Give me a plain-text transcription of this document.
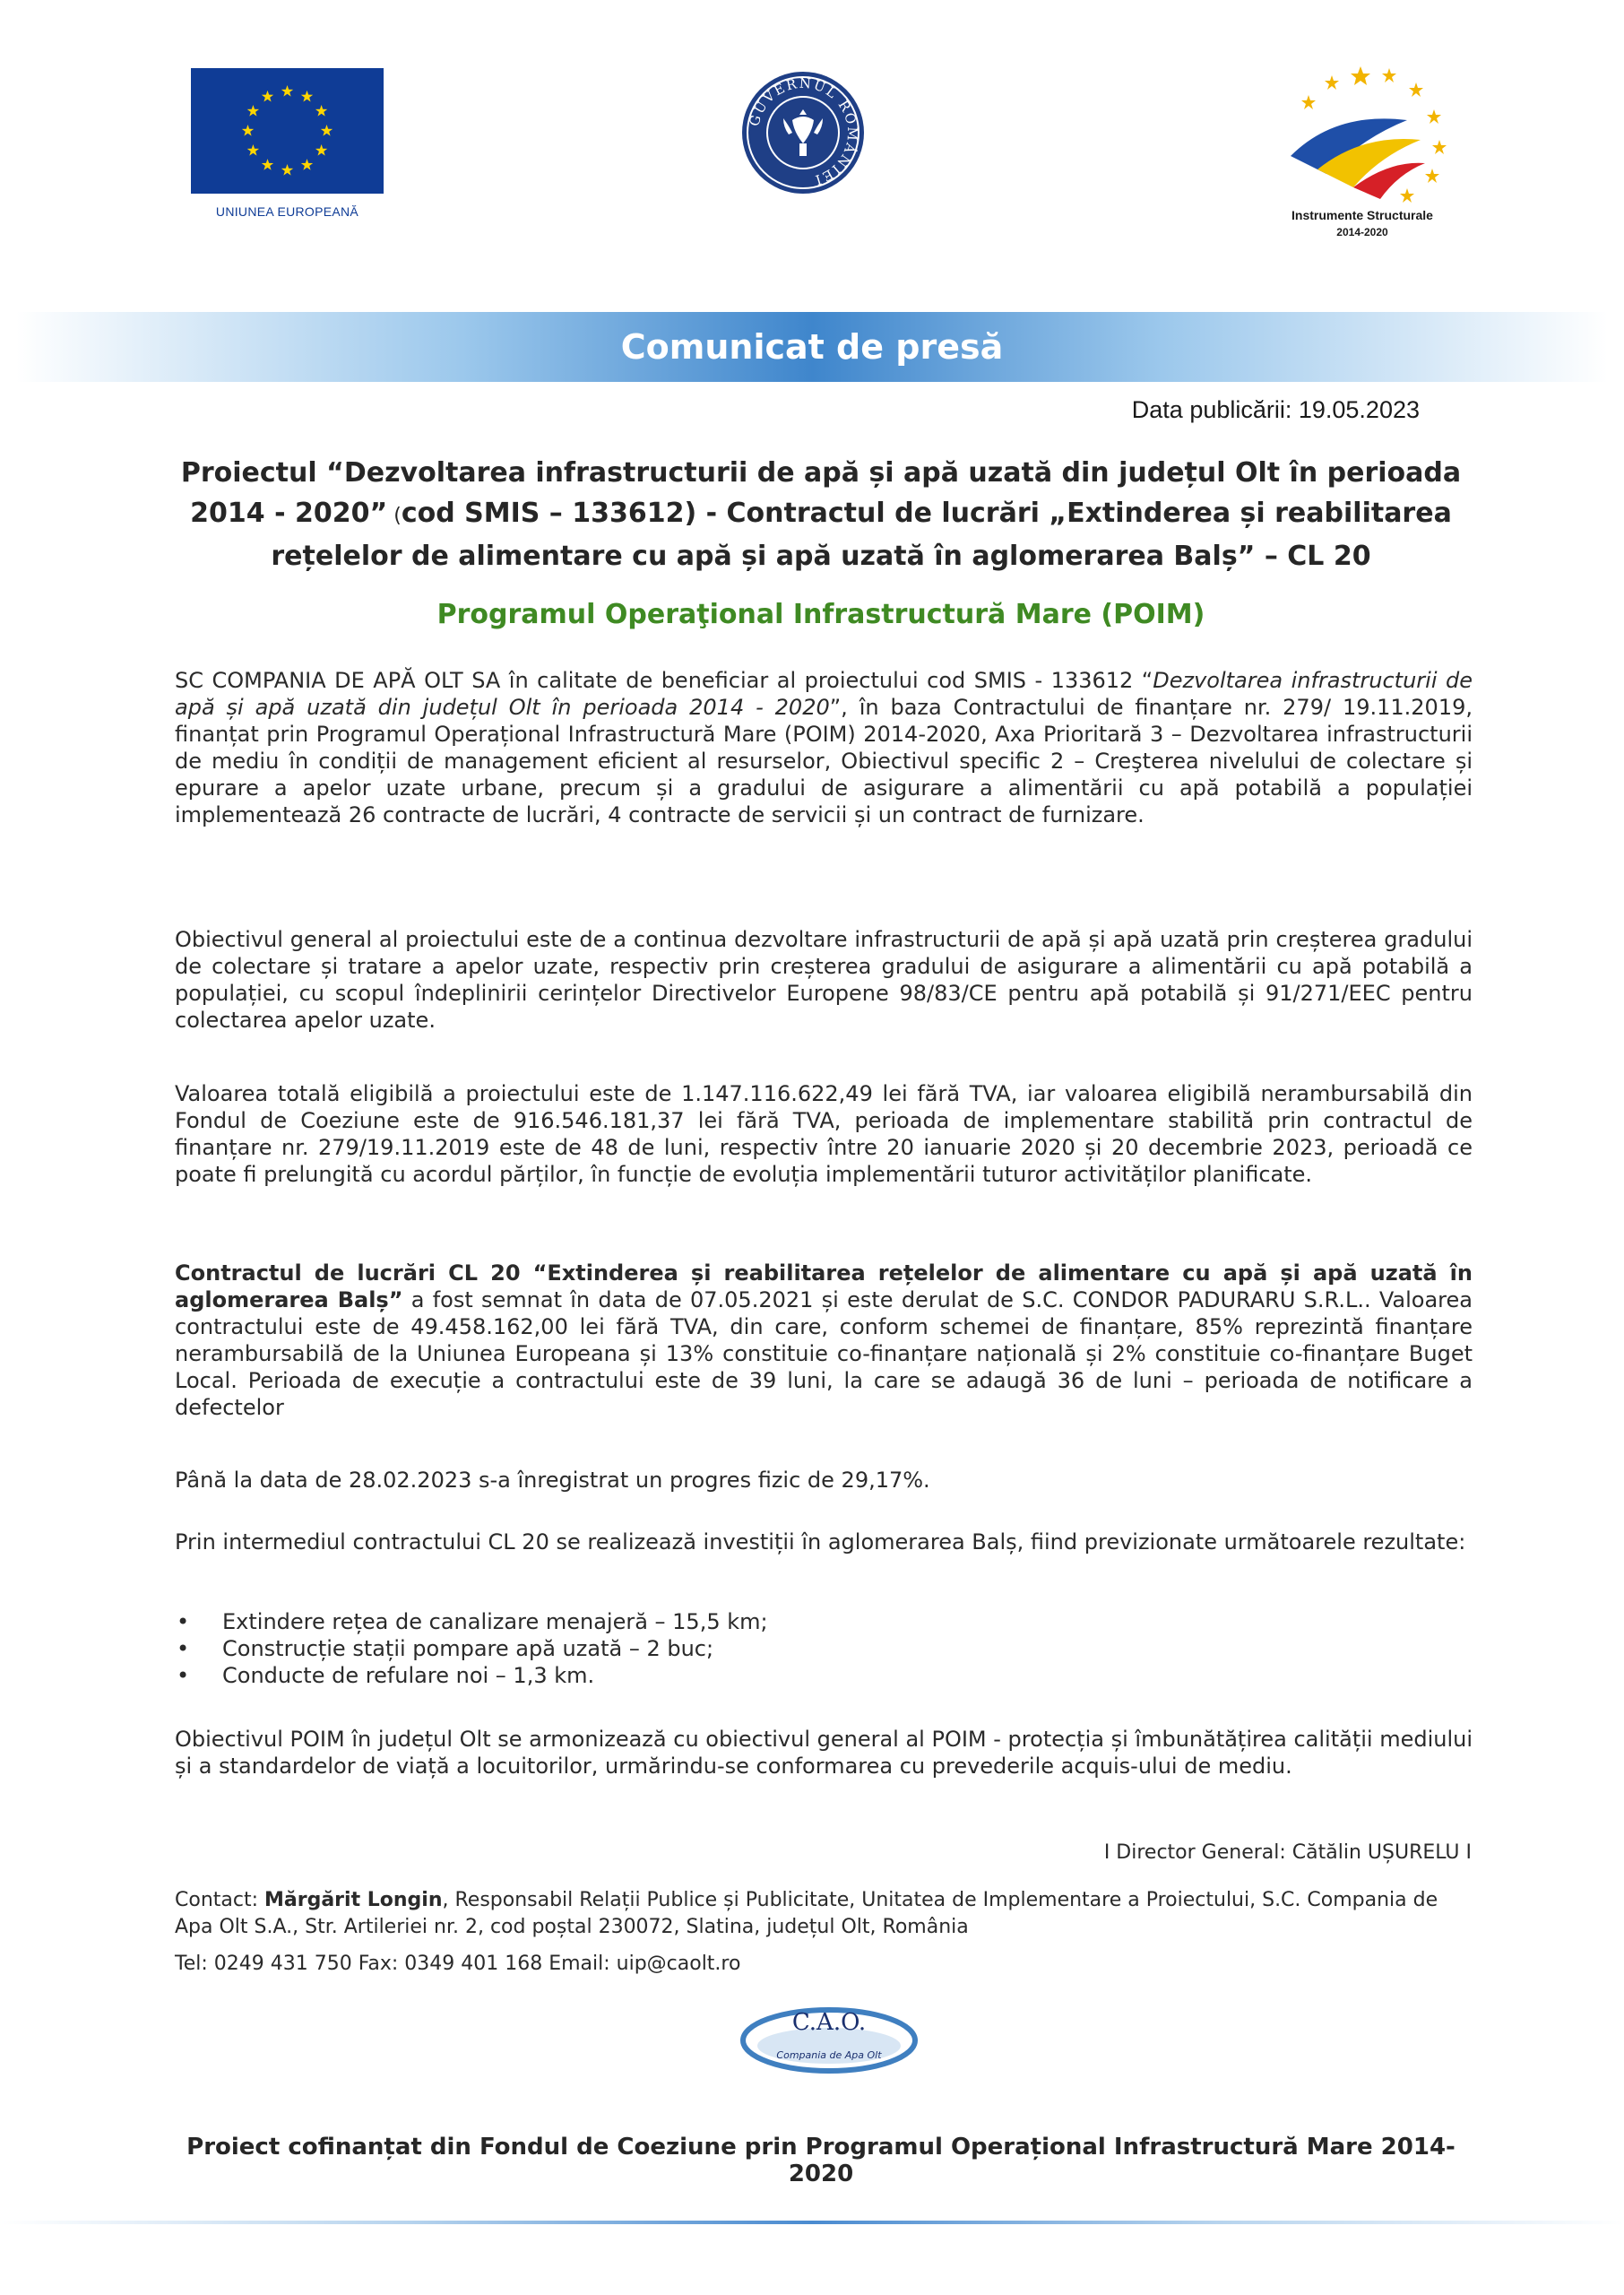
UNIUNEA EUROPEANĂ
GUVERNUL ROMÂNIEI
Instrumente Structurale
2014-2020
Comunicat de presă
Data publicării: 19.05.2023
Proiectul “Dezvoltarea infrastructurii de apă și apă uzată din județul Olt în perioada 2014 - 2020” (cod SMIS – 133612) - Contractul de lucrări „Extinderea și reabilitarea rețelelor de alimentare cu apă și apă uzată în aglomerarea Balș” – CL 20
Programul Operaţional Infrastructură Mare (POIM)
SC COMPANIA DE APĂ OLT SA în calitate de beneficiar al proiectului cod SMIS - 133612 “Dezvoltarea infrastructurii de apă și apă uzată din județul Olt în perioada 2014 - 2020”, în baza Contractului de finanțare nr. 279/ 19.11.2019, finanțat prin Programul Operațional Infrastructură Mare (POIM) 2014-2020, Axa Prioritară 3 – Dezvoltarea infrastructurii de mediu în condiții de management eficient al resurselor, Obiectivul specific 2 – Creşterea nivelului de colectare și epurare a apelor uzate urbane, precum și a gradului de asigurare a alimentării cu apă potabilă a populației implementează 26 contracte de lucrări, 4 contracte de servicii și un contract de furnizare.
Obiectivul general al proiectului este de a continua dezvoltare infrastructurii de apă și apă uzată prin creșterea gradului de colectare și tratare a apelor uzate, respectiv prin creșterea gradului de asigurare a alimentării cu apă potabilă a populației, cu scopul îndeplinirii cerințelor Directivelor Europene 98/83/CE pentru apă potabilă și 91/271/EEC pentru colectarea apelor uzate.
Valoarea totală eligibilă a proiectului este de 1.147.116.622,49 lei fără TVA, iar valoarea eligibilă nerambursabilă din Fondul de Coeziune este de 916.546.181,37 lei fără TVA, perioada de implementare stabilită prin contractul de finanțare nr. 279/19.11.2019 este de 48 de luni, respectiv între 20 ianuarie 2020 și 20 decembrie 2023, perioadă ce poate fi prelungită cu acordul părților, în funcție de evoluția implementării tuturor activităților planificate.
Contractul de lucrări CL 20 “Extinderea și reabilitarea rețelelor de alimentare cu apă și apă uzată în aglomerarea Balș” a fost semnat în data de 07.05.2021 și este derulat de S.C. CONDOR PADURARU S.R.L.. Valoarea contractului este de 49.458.162,00 lei fără TVA, din care, conform schemei de finanțare, 85% reprezintă finanțare nerambursabilă de la Uniunea Europeana și 13% constituie co-finanțare națională și 2% constituie co-finanțare Buget Local. Perioada de execuție a contractului este de 39 luni, la care se adaugă 36 de luni – perioada de notificare a defectelor
Până la data de 28.02.2023 s-a înregistrat un progres fizic de 29,17%.
Prin intermediul contractului CL 20 se realizează investiții în aglomerarea Balș, fiind previzionate următoarele rezultate:
• Extindere rețea de canalizare menajeră – 15,5 km;
• Construcție stații pompare apă uzată – 2 buc;
• Conducte de refulare noi – 1,3 km.
Obiectivul POIM în județul Olt se armonizează cu obiectivul general al POIM - protecția și îmbunătățirea calității mediului și a standardelor de viață a locuitorilor, urmărindu-se conformarea cu prevederile acquis-ului de mediu.
I Director General: Cătălin UȘURELU I
Contact: Mărgărit Longin, Responsabil Relații Publice și Publicitate, Unitatea de Implementare a Proiectului, S.C. Compania de Apa Olt S.A., Str. Artileriei nr. 2, cod poștal 230072, Slatina, județul Olt, România
Tel: 0249 431 750 Fax: 0349 401 168 Email: uip@caolt.ro
C.A.O.
Compania de Apa Olt
Proiect cofinanțat din Fondul de Coeziune prin Programul Operațional Infrastructură Mare 2014-2020
